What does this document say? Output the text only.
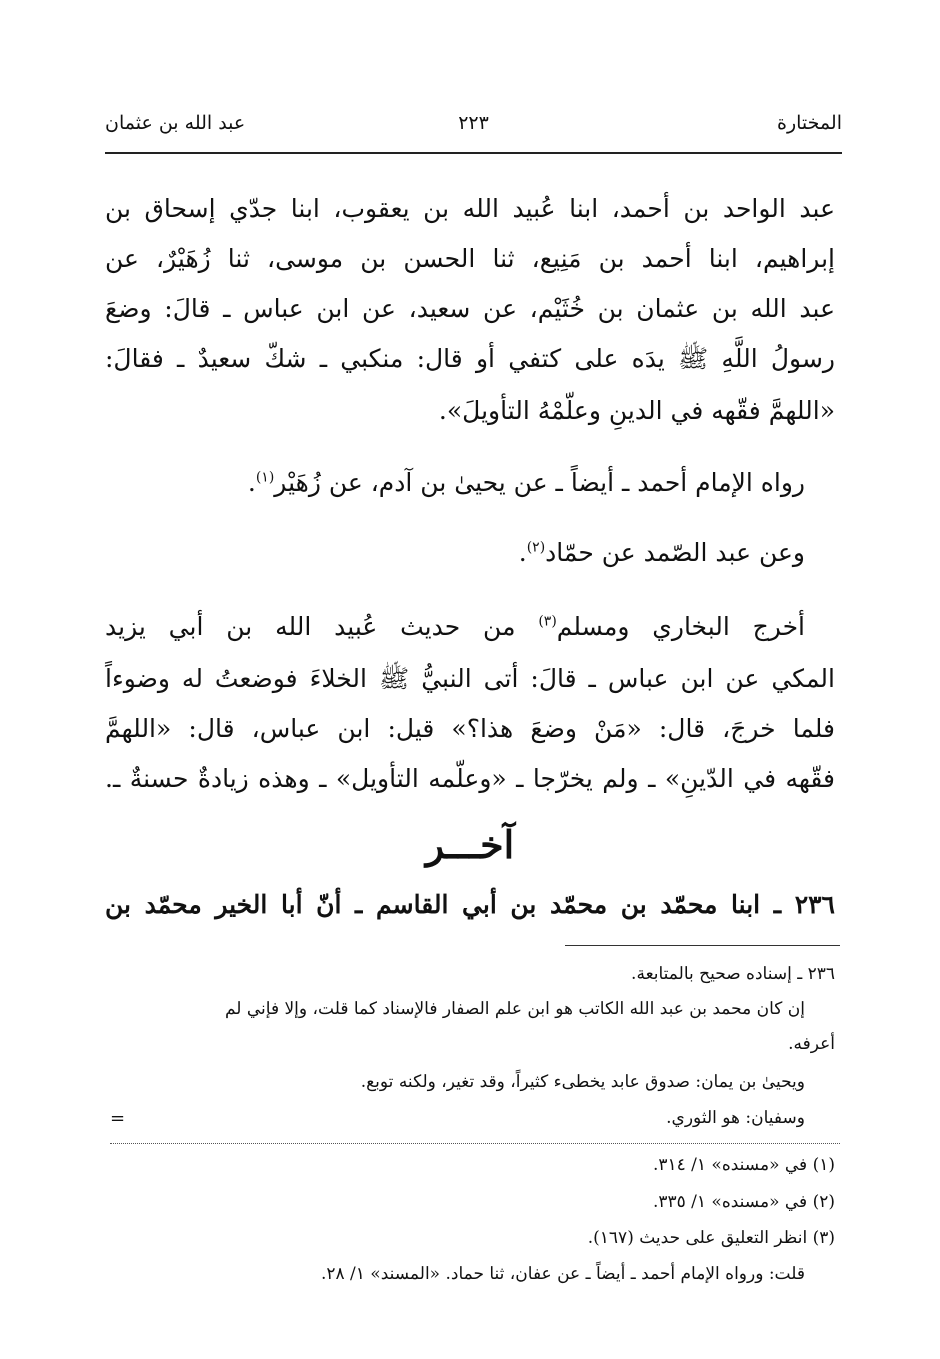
المختارة
٢٢٣
عبد الله بن عثمان
عبد الواحد بن أحمد، ابنا عُبيد الله بن يعقوب، ابنا جدّي إسحاق بن
إبراهيم، ابنا أحمد بن مَنِيع، ثنا الحسن بن موسى، ثنا زُهَيْرٌ، عن
عبد الله بن عثمان بن خُثَيْم، عن سعيد، عن ابن عباس ـ قالَ: وضعَ
رسولُ اللَّهِ ﷺ يدَه على كتفي أو قال: منكبي ـ شكّ سعيدٌ ـ فقالَ:
«اللهمَّ فقّهه في الدينِ وعلّمْهُ التأويلَ».
رواه الإمام أحمد ـ أيضاً ـ عن يحيىٰ بن آدم، عن زُهَيْر$^{(١)}$.
وعن عبد الصّمد عن حمّاد$^{(٢)}$.
أخرج البخاري ومسلم$^{(٣)}$ من حديث عُبيد الله بن أبي يزيد
المكي عن ابن عباس ـ قالَ: أتى النبيُّ ﷺ الخلاءَ فوضعتُ له وضوءاً
فلما خرجَ، قال: «مَنْ وضعَ هذا؟» قيل: ابن عباس، قال: «اللهمَّ
فقّهه في الدّينِ» ـ ولم يخرّجا ـ «وعلّمه التأويل» ـ وهذه زيادةٌ حسنةٌ ـ.
آخـــر
٢٣٦ ـ ابنا محمّد بن محمّد بن أبي القاسم ـ أنّ أبا الخير محمّد بن
٢٣٦ ـ إسناده صحيح بالمتابعة.
إن كان محمد بن عبد الله الكاتب هو ابن علم الصفار فالإسناد كما قلت، وإلا فإني لم
أعرفه.
ويحيىٰ بن يمان: صدوق عابد يخطىء كثيراً، وقد تغير، ولكنه توبع.
وسفيان: هو الثوري.
=
(١) في «مسنده» ١/ ٣١٤.
(٢) في «مسنده» ١/ ٣٣٥.
(٣) انظر التعليق على حديث (١٦٧).
قلت: ورواه الإمام أحمد ـ أيضاً ـ عن عفان، ثنا حماد. «المسند» ١/ ٢٨.
